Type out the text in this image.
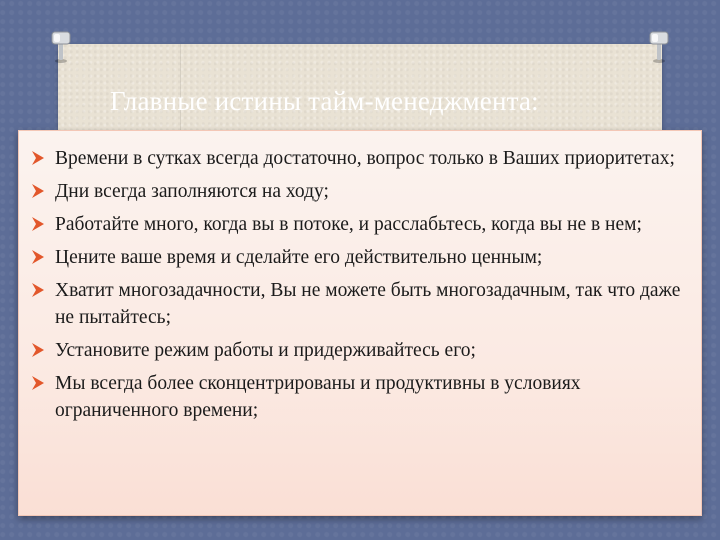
Главные истины тайм-менеджмента:
Времени в сутках всегда достаточно, вопрос только в Ваших приоритетах;
Дни всегда заполняются на ходу;
Работайте много, когда вы в потоке, и расслабьтесь, когда вы не в нем;
Цените ваше время и сделайте его действительно ценным;
Хватит многозадачности, Вы не можете быть многозадачным, так что даже не пытайтесь;
Установите режим работы и придерживайтесь его;
Мы всегда более сконцентрированы и продуктивны в условиях ограниченного времени;
